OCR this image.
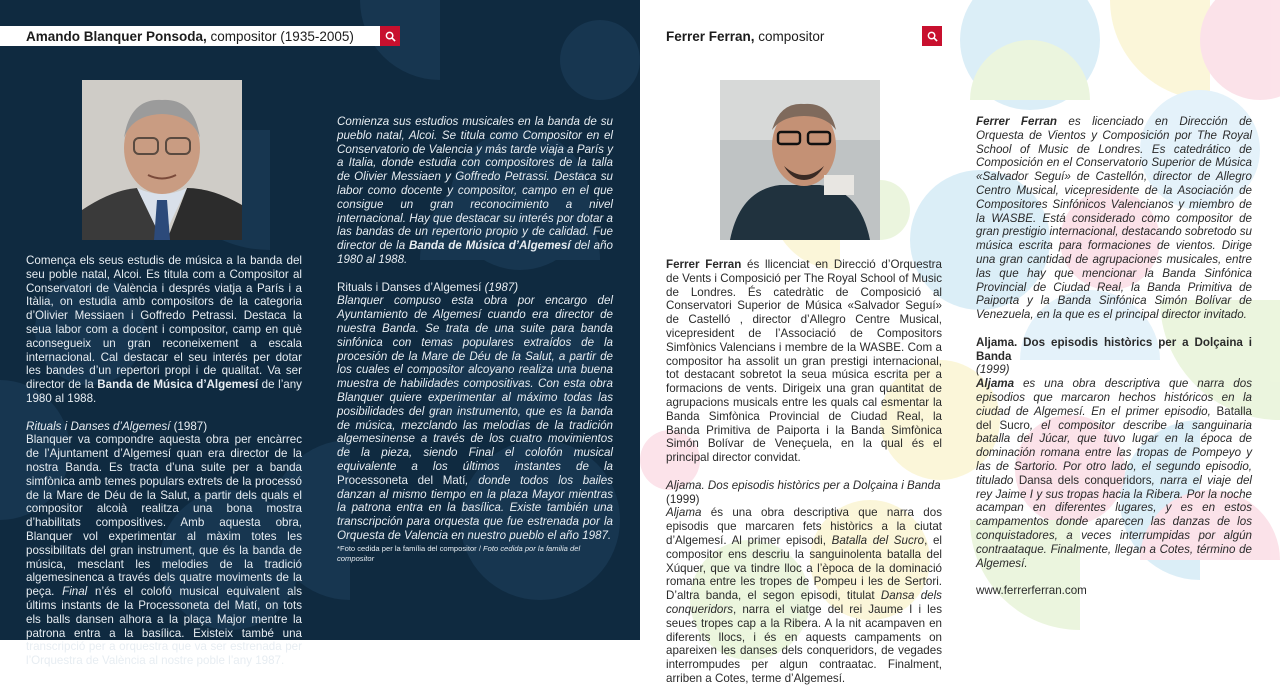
Amando Blanquer Ponsoda, compositor (1935-2005)

Comença els seus estudis de música a la banda del seu poble natal, Alcoi. Es titula com a Compositor al Conservatori de València i després viatja a París i a Itàlia, on estudia amb compositors de la categoria d’Olivier Messiaen i Goffredo Petrassi. Destaca la seua labor com a docent i compositor, camp en què aconsegueix un gran reconeixement a escala internacional. Cal destacar el seu interés per dotar les bandes d’un repertori propi i de qualitat. Va ser director de la Banda de Música d’Algemesí de l’any 1980 al 1988.

Rituals i Danses d’Algemesí (1987)
Blanquer va compondre aquesta obra per encàrrec de l’Ajuntament d’Algemesí quan era director de la nostra Banda. Es tracta d’una suite per a banda simfònica amb temes populars extrets de la processó de la Mare de Déu de la Salut, a partir dels quals el compositor alcoià realitza una bona mostra d’habilitats compositives. Amb aquesta obra, Blanquer vol experimentar al màxim totes les possibilitats del gran instrument, que és la banda de música, mesclant les melodies de la tradició algemesinenca a través dels quatre moviments de la peça. Final n’és el colofó musical equivalent als últims instants de la Processoneta del Matí, on tots els balls dansen alhora a la plaça Major mentre la patrona entra a la basílica. Existeix també una transcripció per a orquestra que va ser estrenada per l’Orquestra de València al nostre poble l’any 1987.

Comienza sus estudios musicales en la banda de su pueblo natal, Alcoi. Se titula como Compositor en el Conservatorio de Valencia y más tarde viaja a París y a Italia, donde estudia con compositores de la talla de Olivier Messiaen y Goffredo Petrassi. Destaca su labor como docente y compositor, campo en el que consigue un gran reconocimiento a nivel internacional. Hay que destacar su interés por dotar a las bandas de un repertorio propio y de calidad. Fue director de la Banda de Música d’Algemesí del año 1980 al 1988.

Rituals i Danses d’Algemesí (1987)
Blanquer compuso esta obra por encargo del Ayuntamiento de Algemesí cuando era director de nuestra Banda. Se trata de una suite para banda sinfónica con temas populares extraídos de la procesión de la Mare de Déu de la Salut, a partir de los cuales el compositor alcoyano realiza una buena muestra de habilidades compositivas. Con esta obra Blanquer quiere experimentar al máximo todas las posibilidades del gran instrumento, que es la banda de música, mezclando las melodías de la tradición algemesinense a través de los cuatro movimientos de la pieza, siendo Final el colofón musical equivalente a los últimos instantes de la Processoneta del Matí, donde todos los bailes danzan al mismo tiempo en la plaza Mayor mientras la patrona entra en la basílica. Existe también una transcripción para orquesta que fue estrenada por la Orquesta de Valencia en nuestro pueblo el año 1987.

*Foto cedida per la família del compositor / Foto cedida por la familia del compositor
Ferrer Ferran, compositor

Ferrer Ferran és llicenciat en Direcció d’Orquestra de Vents i Composició per The Royal School of Music de Londres. És catedràtic de Composició al Conservatori Superior de Música «Salvador Seguí» de Castelló , director d’Allegro Centre Musical, vicepresident de l’Associació de Compositors Simfònics Valencians i membre de la WASBE. Com a compositor ha assolit un gran prestigi internacional, tot destacant sobretot la seua música escrita per a formacions de vents. Dirigeix una gran quantitat de agrupacions musicals entre les quals cal esmentar la Banda Simfònica Provincial de Ciudad Real, la Banda Primitiva de Paiporta i la Banda Simfònica Simón Bolívar de Veneçuela, en la qual és el principal director convidat.

Aljama. Dos episodis històrics per a Dolçaina i Banda
(1999)
Aljama és una obra descriptiva que narra dos episodis que marcaren fets històrics a la ciutat d’Algemesí. Al primer episodi, Batalla del Sucro, el compositor ens descriu la sanguinolenta batalla del Xúquer, que va tindre lloc a l’època de la dominació romana entre les tropes de Pompeu i les de Sertori. D’altra banda, el segon episodi, titulat Dansa dels conqueridors, narra el viatge del rei Jaume I i les seues tropes cap a la Ribera. A la nit acampaven en diferents llocs, i és en aquests campaments on apareixen les danses dels conqueridors, de vegades interrompudes per algun contraatac. Finalment, arriben a Cotes, terme d’Algemesí.

Ferrer Ferran es licenciado en Dirección de Orquesta de Vientos y Composición por The Royal School of Music de Londres. Es catedrático de Composición en el Conservatorio Superior de Música «Salvador Seguí» de Castellón, director de Allegro Centro Musical, vicepresidente de la Asociación de Compositores Sinfónicos Valencianos y miembro de la WASBE. Está considerado como compositor de gran prestigio internacional, destacando sobretodo su música escrita para formaciones de vientos. Dirige una gran cantidad de agrupaciones musicales, entre las que hay que mencionar la Banda Sinfónica Provincial de Ciudad Real, la Banda Primitiva de Paiporta y la Banda Sinfónica Simón Bolívar de Venezuela, en la que es el principal director invitado.

Aljama. Dos episodis històrics per a Dolçaina i Banda
(1999)
Aljama es una obra descriptiva que narra dos episodios que marcaron hechos históricos en la ciudad de Algemesí. En el primer episodio, Batalla del Sucro, el compositor describe la sanguinaria batalla del Júcar, que tuvo lugar en la época de dominación romana entre las tropas de Pompeyo y las de Sartorio. Por otro lado, el segundo episodio, titulado Dansa dels conqueridors, narra el viaje del rey Jaime I y sus tropas hacia la Ribera. Por la noche acampan en diferentes lugares, y es en estos campamentos donde aparecen las danzas de los conquistadores, a veces interrumpidas por algún contraataque. Finalmente, llegan a Cotes, término de Algemesí.

www.ferrerferran.com
